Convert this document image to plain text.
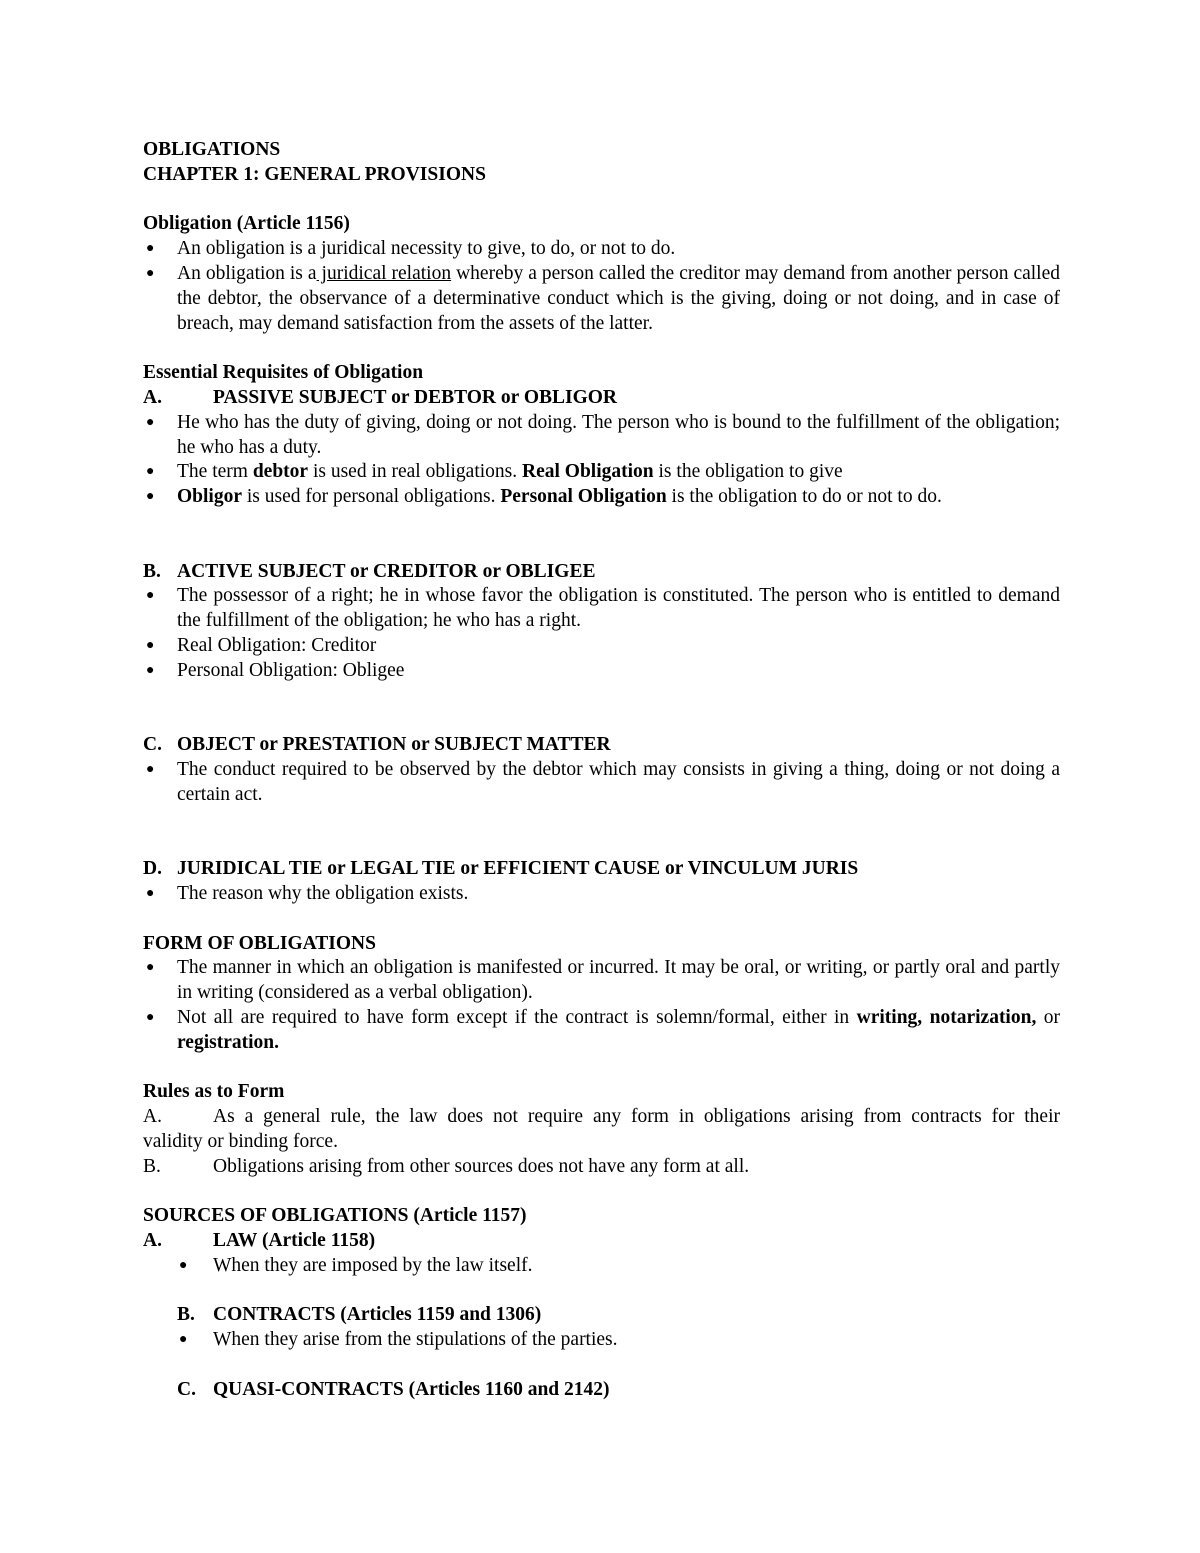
OBLIGATIONS
CHAPTER 1: GENERAL PROVISIONS
Obligation (Article 1156)
● An obligation is a juridical necessity to give, to do, or not to do.
● An obligation is a juridical relation whereby a person called the creditor may demand from another person called the debtor, the observance of a determinative conduct which is the giving, doing or not doing, and in case of breach, may demand satisfaction from the assets of the latter.
Essential Requisites of Obligation
A.	PASSIVE SUBJECT or DEBTOR or OBLIGOR
● He who has the duty of giving, doing or not doing. The person who is bound to the fulfillment of the obligation; he who has a duty.
● The term debtor is used in real obligations. Real Obligation is the obligation to give
● Obligor is used for personal obligations. Personal Obligation is the obligation to do or not to do.
B. ACTIVE SUBJECT or CREDITOR or OBLIGEE
● The possessor of a right; he in whose favor the obligation is constituted. The person who is entitled to demand the fulfillment of the obligation; he who has a right.
● Real Obligation: Creditor
● Personal Obligation: Obligee
C. OBJECT or PRESTATION or SUBJECT MATTER
● The conduct required to be observed by the debtor which may consists in giving a thing, doing or not doing a certain act.
D. JURIDICAL TIE or LEGAL TIE or EFFICIENT CAUSE or VINCULUM JURIS
● The reason why the obligation exists.
FORM OF OBLIGATIONS
● The manner in which an obligation is manifested or incurred. It may be oral, or writing, or partly oral and partly in writing (considered as a verbal obligation).
● Not all are required to have form except if the contract is solemn/formal, either in writing, notarization, or registration.
Rules as to Form
A.	As a general rule, the law does not require any form in obligations arising from contracts for their
validity or binding force.
B.	Obligations arising from other sources does not have any form at all.
SOURCES OF OBLIGATIONS (Article 1157)
A.	LAW (Article 1158)
● When they are imposed by the law itself.
B. CONTRACTS (Articles 1159 and 1306)
● When they arise from the stipulations of the parties.
C. QUASI-CONTRACTS (Articles 1160 and 2142)
